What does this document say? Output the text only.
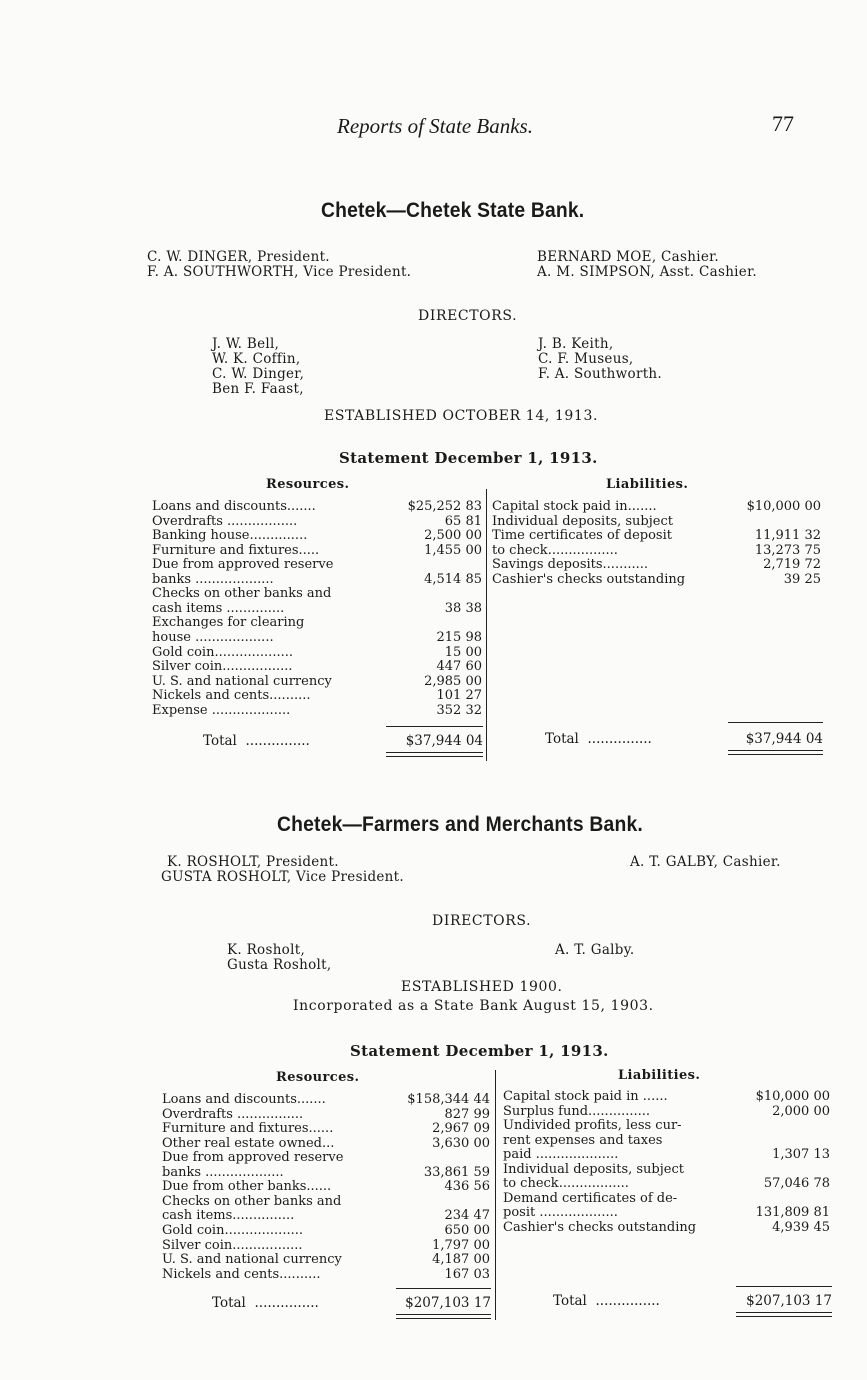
Reports of State Banks.	77
Chetek—Chetek State Bank.
C. W. DINGER, President.
F. A. SOUTHWORTH, Vice President.
BERNARD MOE, Cashier.
A. M. SIMPSON, Asst. Cashier.
DIRECTORS.
J. W. Bell,
W. K. Coffin,
C. W. Dinger,
Ben F. Faast,
J. B. Keith,
C. F. Museus,
F. A. Southworth.
ESTABLISHED OCTOBER 14, 1913.
Statement December 1, 1913.
Resources.	Liabilities.
Loans and discounts.......	$25,252 83
Overdrafts .................	65 81
Banking house..............	2,500 00
Furniture and fixtures.....	1,455 00
Due from approved reserve
banks ...................	4,514 85
Checks on other banks and
cash items ..............	38 38
Exchanges for clearing
house ...................	215 98
Gold coin...................	15 00
Silver coin.................	447 60
U. S. and national currency	2,985 00
Nickels and cents..........	101 27
Expense ...................	352 32
Capital stock paid in.......	$10,000 00
Individual deposits, subject
Time certificates of deposit	11,911 32
to check.................	13,273 75
Savings deposits...........	2,719 72
Cashier's checks outstanding	39 25
Total ...............	$37,944 04	Total ...............	$37,944 04
Chetek—Farmers and Merchants Bank.
K. ROSHOLT, President.
GUSTA ROSHOLT, Vice President.
A. T. GALBY, Cashier.
DIRECTORS.
K. Rosholt,
Gusta Rosholt,
A. T. Galby.
ESTABLISHED 1900.
Incorporated as a State Bank August 15, 1903.
Statement December 1, 1913.
Resources.	Liabilities.
Loans and discounts.......	$158,344 44
Overdrafts ................	827 99
Furniture and fixtures......	2,967 09
Other real estate owned...	3,630 00
Due from approved reserve
banks ...................	33,861 59
Due from other banks......	436 56
Checks on other banks and
cash items...............	234 47
Gold coin...................	650 00
Silver coin.................	1,797 00
U. S. and national currency	4,187 00
Nickels and cents..........	167 03
Capital stock paid in ......	$10,000 00
Surplus fund...............	2,000 00
Undivided profits, less cur-
rent expenses and taxes
paid ....................	1,307 13
Individual deposits, subject
to check.................	57,046 78
Demand certificates of de-
posit ...................	131,809 81
Cashier's checks outstanding	4,939 45
Total ...............	$207,103 17	Total ...............	$207,103 17
